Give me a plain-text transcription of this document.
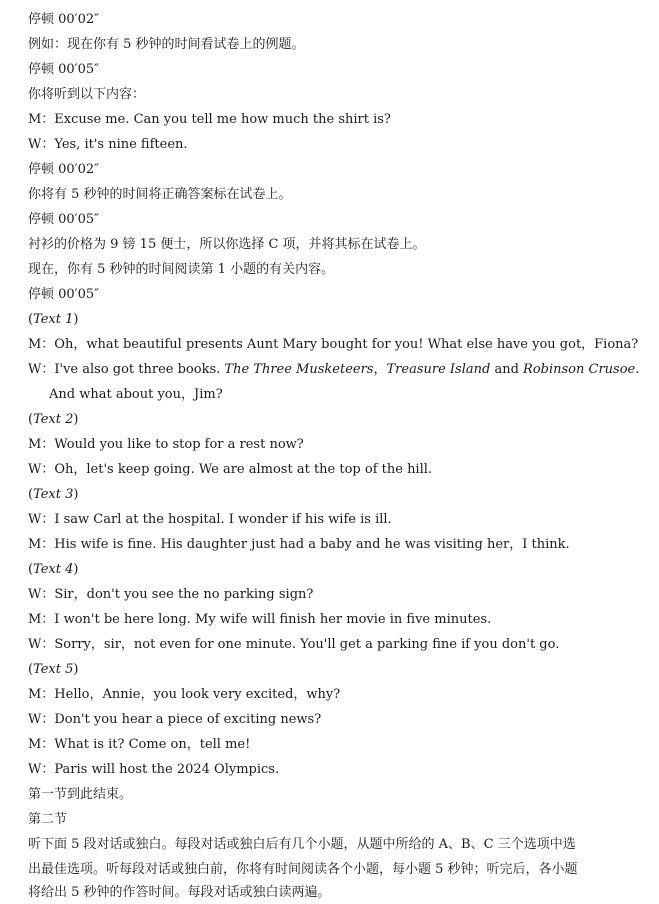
停顿 00′02″
例如：现在你有 5 秒钟的时间看试卷上的例题。
停顿 00′05″
你将听到以下内容：
M：Excuse me. Can you tell me how much the shirt is?
W：Yes, it's nine fifteen.
停顿 00′02″
你将有 5 秒钟的时间将正确答案标在试卷上。
停顿 00′05″
衬衫的价格为 9 镑 15 便士，所以你选择 C 项，并将其标在试卷上。
现在，你有 5 秒钟的时间阅读第 1 小题的有关内容。
停顿 00′05″
(Text 1)
M：Oh，what beautiful presents Aunt Mary bought for you! What else have you got，Fiona?
W：I've also got three books. The Three Musketeers，Treasure Island and Robinson Crusoe.
And what about you，Jim?
(Text 2)
M：Would you like to stop for a rest now?
W：Oh，let's keep going. We are almost at the top of the hill.
(Text 3)
W：I saw Carl at the hospital. I wonder if his wife is ill.
M：His wife is fine. His daughter just had a baby and he was visiting her，I think.
(Text 4)
W：Sir，don't you see the no parking sign?
M：I won't be here long. My wife will finish her movie in five minutes.
W：Sorry，sir，not even for one minute. You'll get a parking fine if you don't go.
(Text 5)
M：Hello，Annie，you look very excited，why?
W：Don't you hear a piece of exciting news?
M：What is it? Come on，tell me!
W：Paris will host the 2024 Olympics.
第一节到此结束。
第二节
听下面 5 段对话或独白。每段对话或独白后有几个小题，从题中所给的 A、B、C 三个选项中选
出最佳选项。听每段对话或独白前，你将有时间阅读各个小题，每小题 5 秒钟；听完后，各小题
将给出 5 秒钟的作答时间。每段对话或独白读两遍。
